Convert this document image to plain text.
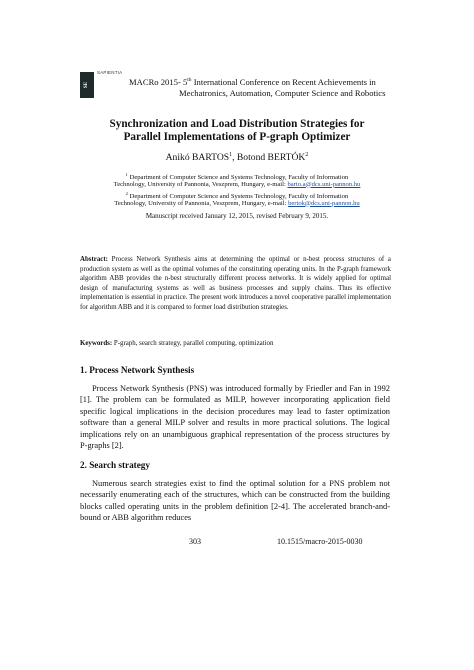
SE
SAPIENTIA
MACRo 2015- 5th International Conference on Recent Achievements in
Mechatronics, Automation, Computer Science and Robotics
Synchronization and Load Distribution Strategies for
Parallel Implementations of P-graph Optimizer
Anikó BARTOS$^1$, Botond BERTÓK$^2$
$^1$ Department of Computer Science and Systems Technology, Faculty of Information
Technology, University of Pannonia, Veszprem, Hungary, e-mail: barto.a@dcs.uni-pannon.hu
$^2$ Department of Computer Science and Systems Technology, Faculty of Information
Technology, University of Pannonia, Veszprem, Hungary, e-mail: bertok@dcs.uni-pannon.hu
Manuscript received January 12, 2015, revised February 9, 2015.
Abstract: Process Network Synthesis aims at determining the optimal or n-best process structures of a production system as well as the optimal volumes of the constituting operating units. In the P-graph framework algorithm ABB provides the n-best structurally different process networks. It is widely applied for optimal design of manufacturing systems as well as business processes and supply chains. Thus its effective implementation is essential in practice. The present work introduces a novel cooperative parallel implementation for algorithm ABB and it is compared to former load distribution strategies.
Keywords: P-graph, search strategy, parallel computing, optimization
1. Process Network Synthesis
Process Network Synthesis (PNS) was introduced formally by Friedler and Fan in 1992 [1]. The problem can be formulated as MILP, however incorporating application field specific logical implications in the decision procedures may lead to faster optimization software than a general MILP solver and results in more practical solutions. The logical implications rely on an unambiguous graphical representation of the process structures by P-graphs [2].
2. Search strategy
Numerous search strategies exist to find the optimal solution for a PNS problem not necessarily enumerating each of the structures, which can be constructed from the building blocks called operating units in the problem definition [2-4]. The accelerated branch-and-bound or ABB algorithm reduces
303	10.1515/macro-2015-0030
